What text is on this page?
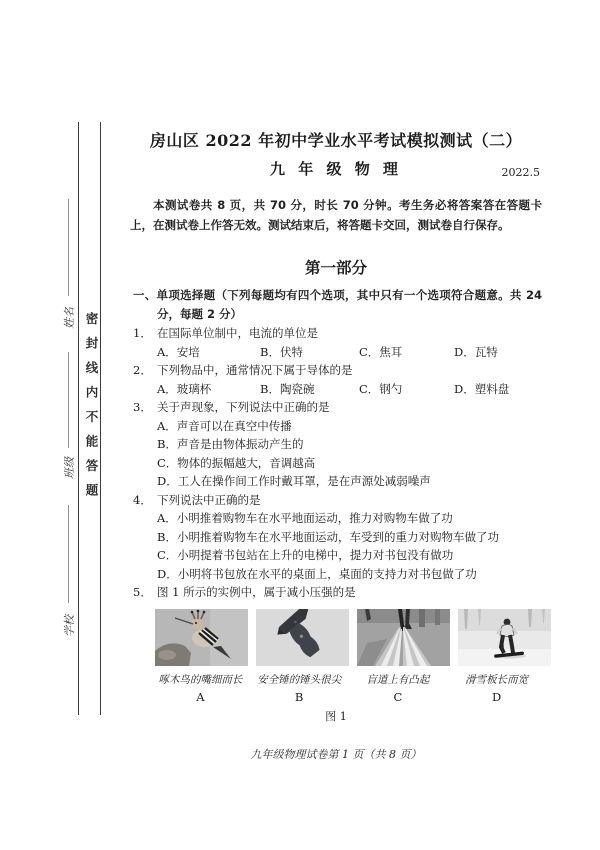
姓名
班级
学校
密封线内不能答题
房山区 2022 年初中学业水平考试模拟测试（二）
九 年 级 物 理	2022.5
本测试卷共 8 页，共 70 分，时长 70 分钟。考生务必将答案答在答题卡上，在测试卷上作答无效。测试结束后，将答题卡交回，测试卷自行保存。
第一部分
一、单项选择题（下列每题均有四个选项，其中只有一个选项符合题意。共 24 分，每题 2 分）
1． 在国际单位制中，电流的单位是
A．安培	B．伏特	C．焦耳	D．瓦特
2． 下列物品中，通常情况下属于导体的是
A．玻璃杯	B．陶瓷碗	C．钢勺	D．塑料盘
3． 关于声现象，下列说法中正确的是
A．声音可以在真空中传播
B．声音是由物体振动产生的
C．物体的振幅越大，音调越高
D．工人在操作间工作时戴耳罩，是在声源处减弱噪声
4． 下列说法中正确的是
A．小明推着购物车在水平地面运动，推力对购物车做了功
B．小明推着购物车在水平地面运动，车受到的重力对购物车做了功
C．小明提着书包站在上升的电梯中，提力对书包没有做功
D．小明将书包放在水平的桌面上，桌面的支持力对书包做了功
5． 图 1 所示的实例中，属于减小压强的是
啄木鸟的嘴细而长
A
安全锤的锤头很尖
B
盲道上有凸起
C
滑雪板长而宽
D
图 1
九年级物理试卷第 1 页（共 8 页）
